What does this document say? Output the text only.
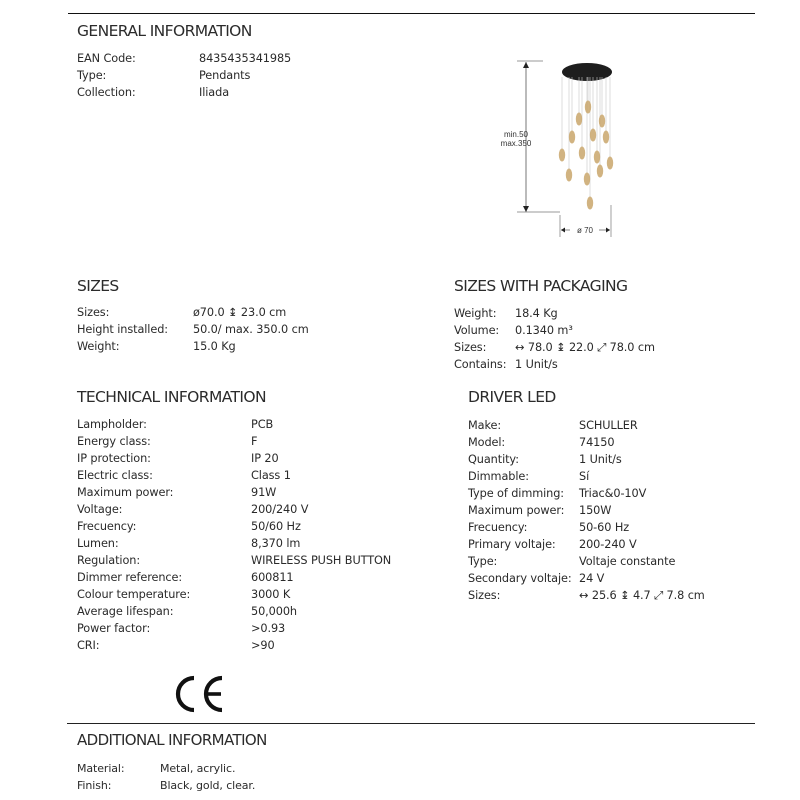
GENERAL INFORMATION
EAN Code:	8435435341985
Type:	Pendants
Collection:	Iliada
min.50
max.350
ø 70
SIZES
Sizes:	ø70.0 ↨ 23.0 cm
Height installed: 50.0/ max. 350.0 cm
Weight:	15.0 Kg
SIZES WITH PACKAGING
Weight: 18.4 Kg
Volume: 0.1340 m³
Sizes:	↔ 78.0 ↨ 22.0 ⤢ 78.0 cm
Contains: 1 Unit/s
TECHNICAL INFORMATION
Lampholder:	PCB
Energy class:	F
IP protection:	IP 20
Electric class:	Class 1
Maximum power:	91W
Voltage:	200/240 V
Frecuency:	50/60 Hz
Lumen:	8,370 lm
Regulation:	WIRELESS PUSH BUTTON
Dimmer reference:	600811
Colour temperature:	3000 K
Average lifespan:	50,000h
Power factor:	>0.93
CRI:	>90
DRIVER LED
Make:	SCHULLER
Model:	74150
Quantity:	1 Unit/s
Dimmable:	Sí
Type of dimming: Triac&0-10V
Maximum power: 150W
Frecuency:	50-60 Hz
Primary voltaje: 200-240 V
Type:	Voltaje constante
Secondary voltaje: 24 V
Sizes:	↔ 25.6 ↨ 4.7 ⤢ 7.8 cm
ADDITIONAL INFORMATION
Material:	Metal, acrylic.
Finish:	Black, gold, clear.
